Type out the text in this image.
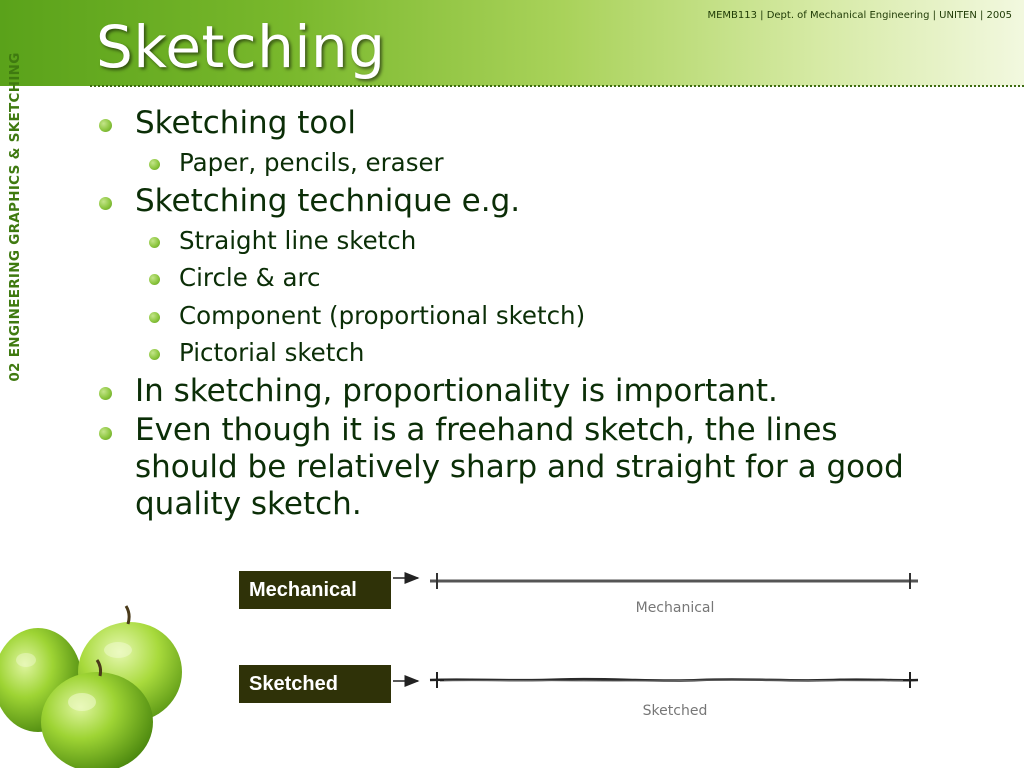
MEMB113 | Dept. of Mechanical Engineering | UNITEN | 2005
Sketching
02 ENGINEERING GRAPHICS & SKETCHING	Sketching tool
Paper, pencils, eraser
Sketching technique e.g.
Straight line sketch
Circle & arc
Component (proportional sketch)
Pictorial sketch
In sketching, proportionality is important.
Even though it is a freehand sketch, the lines should be relatively sharp and straight for a good quality sketch.
Mechanical
Sketched
Mechanical
Sketched
